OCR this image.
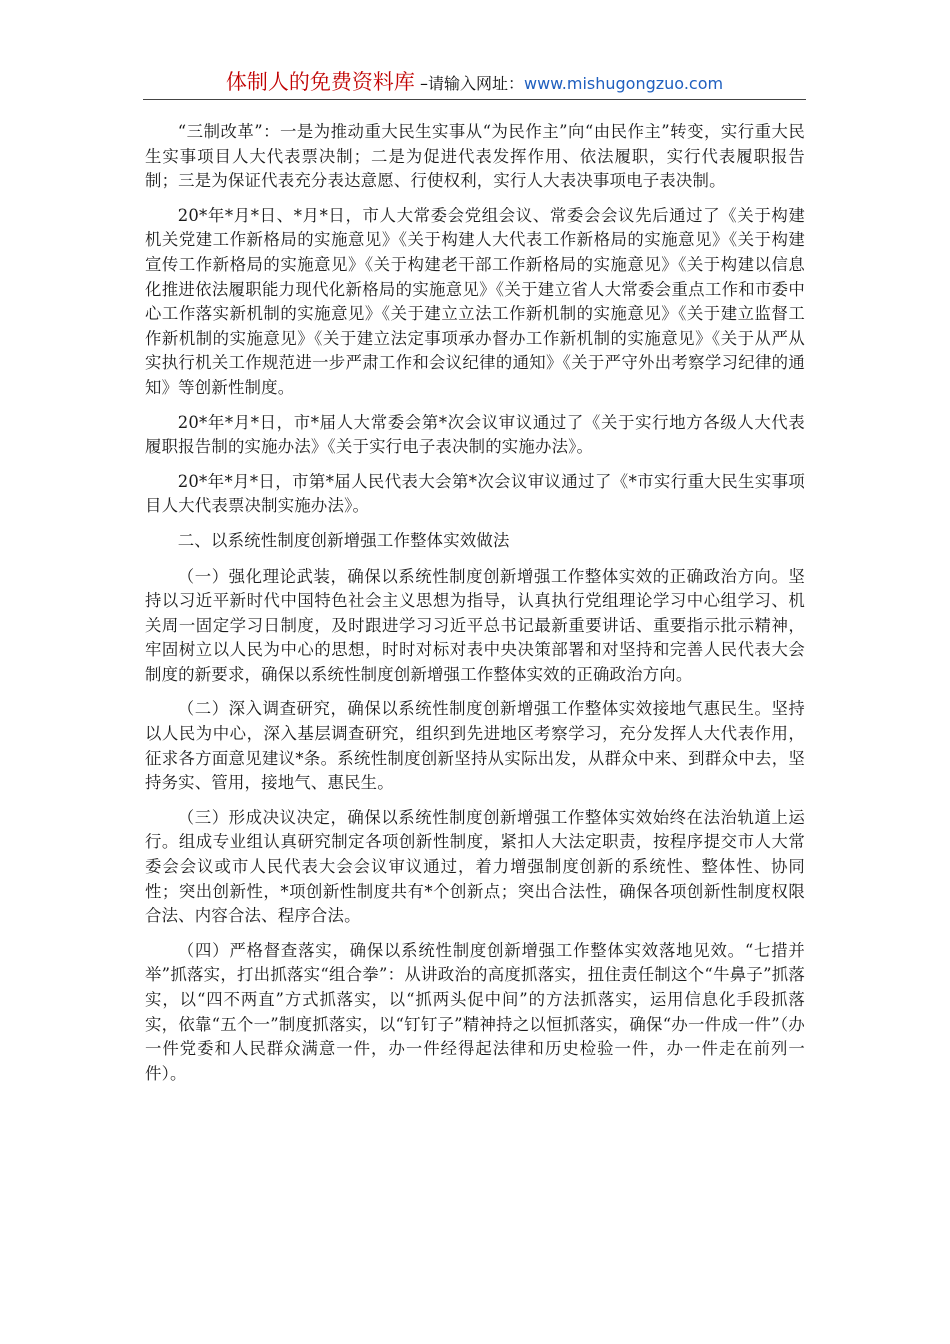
体制人的免费资料库 –请输入网址：www.mishugongzuo.com

“三制改革”：一是为推动重大民生实事从“为民作主”向“由民作主”转变，实行重大民生实事项目人大代表票决制；二是为促进代表发挥作用、依法履职，实行代表履职报告制；三是为保证代表充分表达意愿、行使权利，实行人大表决事项电子表决制。

20*年*月*日、*月*日，市人大常委会党组会议、常委会会议先后通过了《关于构建机关党建工作新格局的实施意见》《关于构建人大代表工作新格局的实施意见》《关于构建宣传工作新格局的实施意见》《关于构建老干部工作新格局的实施意见》《关于构建以信息化推进依法履职能力现代化新格局的实施意见》《关于建立省人大常委会重点工作和市委中心工作落实新机制的实施意见》《关于建立立法工作新机制的实施意见》《关于建立监督工作新机制的实施意见》《关于建立法定事项承办督办工作新机制的实施意见》《关于从严从实执行机关工作规范进一步严肃工作和会议纪律的通知》《关于严守外出考察学习纪律的通知》等创新性制度。

20*年*月*日，市*届人大常委会第*次会议审议通过了《关于实行地方各级人大代表履职报告制的实施办法》《关于实行电子表决制的实施办法》。

20*年*月*日，市第*届人民代表大会第*次会议审议通过了《*市实行重大民生实事项目人大代表票决制实施办法》。

二、以系统性制度创新增强工作整体实效做法

（一）强化理论武装，确保以系统性制度创新增强工作整体实效的正确政治方向。坚持以习近平新时代中国特色社会主义思想为指导，认真执行党组理论学习中心组学习、机关周一固定学习日制度，及时跟进学习习近平总书记最新重要讲话、重要指示批示精神，牢固树立以人民为中心的思想，时时对标对表中央决策部署和对坚持和完善人民代表大会制度的新要求，确保以系统性制度创新增强工作整体实效的正确政治方向。

（二）深入调查研究，确保以系统性制度创新增强工作整体实效接地气惠民生。坚持以人民为中心，深入基层调查研究，组织到先进地区考察学习，充分发挥人大代表作用，征求各方面意见建议*条。系统性制度创新坚持从实际出发，从群众中来、到群众中去，坚持务实、管用，接地气、惠民生。

（三）形成决议决定，确保以系统性制度创新增强工作整体实效始终在法治轨道上运行。组成专业组认真研究制定各项创新性制度，紧扣人大法定职责，按程序提交市人大常委会会议或市人民代表大会会议审议通过，着力增强制度创新的系统性、整体性、协同性；突出创新性，*项创新性制度共有*个创新点；突出合法性，确保各项创新性制度权限合法、内容合法、程序合法。

（四）严格督查落实，确保以系统性制度创新增强工作整体实效落地见效。“七措并举”抓落实，打出抓落实“组合拳”：从讲政治的高度抓落实，扭住责任制这个“牛鼻子”抓落实，以“四不两直”方式抓落实，以“抓两头促中间”的方法抓落实，运用信息化手段抓落实，依靠“五个一”制度抓落实，以“钉钉子”精神持之以恒抓落实，确保“办一件成一件”（办一件党委和人民群众满意一件，办一件经得起法律和历史检验一件，办一件走在前列一件）。
